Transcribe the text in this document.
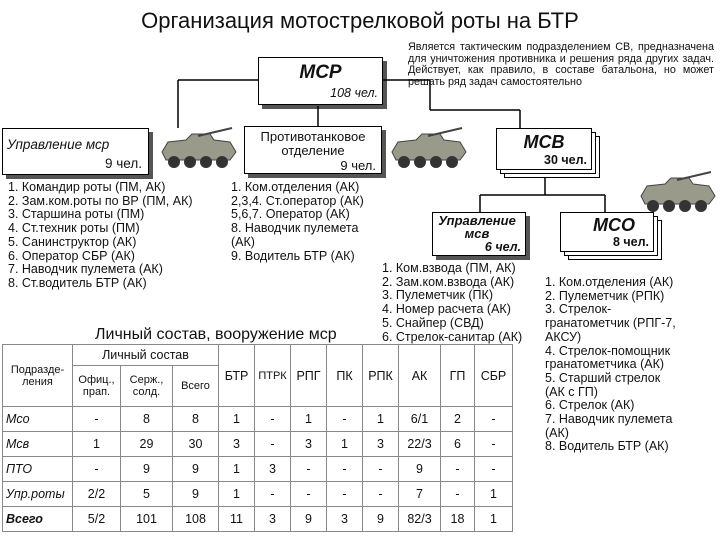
Организация мотострелковой роты на БТР
МСР
108 чел.
Является тактическим подразделением СВ, предназначена для уничтожения противника и решения ряда других задач. Действует, как правило, в составе батальона, но может решать ряд задач самостоятельно
Управление мср
9 чел.
Противотанковое отделение
9 чел.
МСВ
30 чел.
Управление
мсв
6 чел.
МСО
8 чел.
1. Командир роты (ПМ, АК)
2. Зам.ком.роты по ВР (ПМ, АК)
3. Старшина роты (ПМ)
4. Ст.техник роты (ПМ)
5. Санинструктор (АК)
6. Оператор СБР (АК)
7. Наводчик пулемета (АК)
8. Ст.водитель БТР (АК)
1. Ком.отделения (АК)
2,3,4. Ст.оператор (АК)
5,6,7. Оператор (АК)
8. Наводчик пулемета
(АК)
9. Водитель БТР (АК)
1. Ком.взвода (ПМ, АК)
2. Зам.ком.взвода (АК)
3. Пулеметчик (ПК)
4. Номер расчета (АК)
5. Снайпер (СВД)
6. Стрелок-санитар (АК)
1. Ком.отделения (АК)
2. Пулеметчик (РПК)
3. Стрелок-
гранатометчик (РПГ-7,
АКСУ)
4. Стрелок-помощник
гранатометчика (АК)
5. Старший стрелок
(АК с ГП)
6. Стрелок (АК)
7. Наводчик пулемета
(АК)
8. Водитель БТР (АК)
Личный состав, вооружение мср
Подразде-ления	Личный состав			БТР	ПТРК	РПГ	ПК	РПК	АК	ГП	СБР
	Офиц., прап.	Серж., солд.	Всего								
Мсо	-	8	8	1	-	1	-	1	6/1	2	-
Мсв	1	29	30	3	-	3	1	3	22/3	6	-
ПТО	-	9	9	1	3	-	-	-	9	-	-
Упр.роты	2/2	5	9	1	-	-	-	-	7	-	1
Всего	5/2	101	108	11	3	9	3	9	82/3	18	1
